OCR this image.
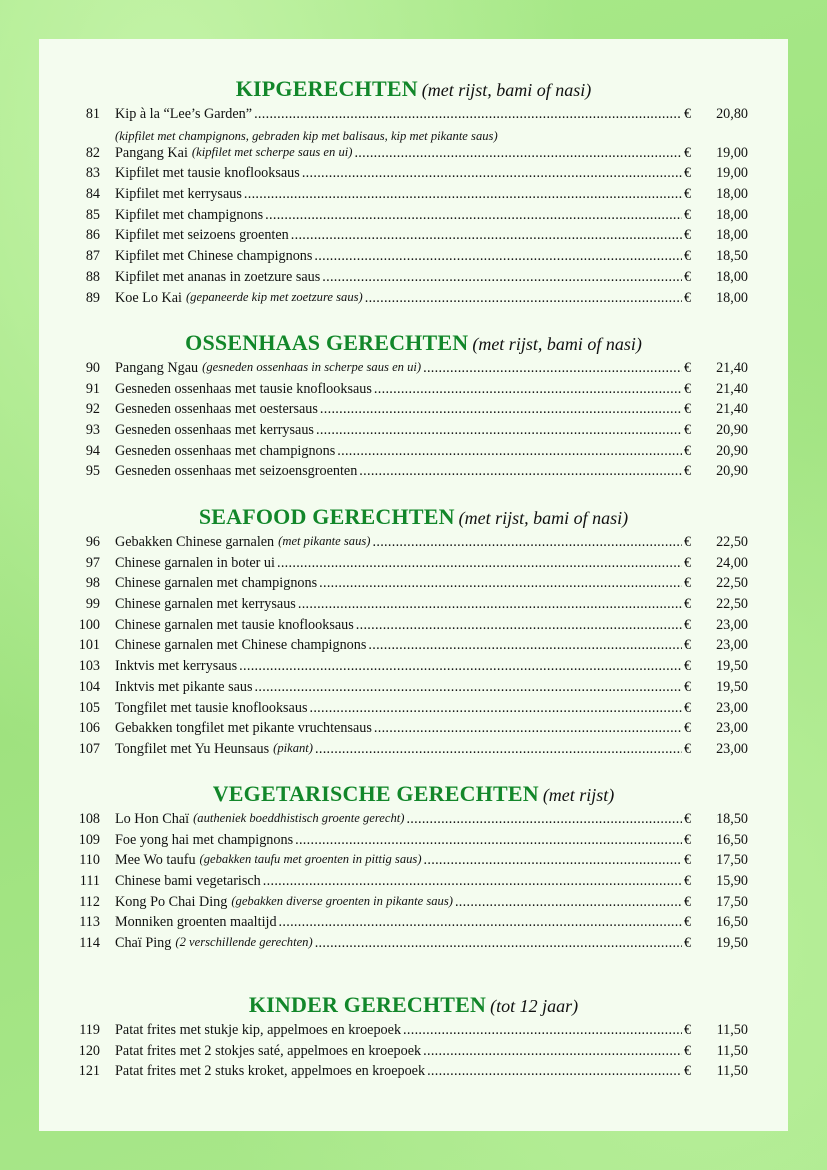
KIPGERECHTEN (met rijst, bami of nasi)
81 Kip à la “Lee’s Garden” .....	€	20,80
(kipfilet met champignons, gebraden kip met balisaus, kip met pikante saus)
82 Pangang Kai (kipfilet met scherpe saus en ui) .....	€	19,00
83 Kipfilet met tausie knoflooksaus .....	€	19,00
84 Kipfilet met kerrysaus .....	€	18,00
85 Kipfilet met champignons .....	€	18,00
86 Kipfilet met seizoens groenten .....	€	18,00
87 Kipfilet met Chinese champignons .....	€	18,50
88 Kipfilet met ananas in zoetzure saus .....	€	18,00
89 Koe Lo Kai (gepaneerde kip met zoetzure saus) .....	€	18,00
OSSENHAAS GERECHTEN (met rijst, bami of nasi)
90 Pangang Ngau (gesneden ossenhaas in scherpe saus en ui) .....	€	21,40
91 Gesneden ossenhaas met tausie knoflooksaus .....	€	21,40
92 Gesneden ossenhaas met oestersaus .....	€	21,40
93 Gesneden ossenhaas met kerrysaus .....	€	20,90
94 Gesneden ossenhaas met champignons .....	€	20,90
95 Gesneden ossenhaas met seizoensgroenten .....	€	20,90
SEAFOOD GERECHTEN (met rijst, bami of nasi)
96 Gebakken Chinese garnalen (met pikante saus) .....	€	22,50
97 Chinese garnalen in boter ui .....	€	24,00
98 Chinese garnalen met champignons .....	€	22,50
99 Chinese garnalen met kerrysaus .....	€	22,50
100 Chinese garnalen met tausie knoflooksaus .....	€	23,00
101 Chinese garnalen met Chinese champignons .....	€	23,00
103 Inktvis met kerrysaus .....	€	19,50
104 Inktvis met pikante saus .....	€	19,50
105 Tongfilet met tausie knoflooksaus .....	€	23,00
106 Gebakken tongfilet met pikante vruchtensaus .....	€	23,00
107 Tongfilet met Yu Heunsaus (pikant) .....	€	23,00
VEGETARISCHE GERECHTEN (met rijst)
108 Lo Hon Chaï (autheniek boeddhistisch groente gerecht) .....	€	18,50
109 Foe yong hai met champignons .....	€	16,50
110 Mee Wo taufu (gebakken taufu met groenten in pittig saus) .....	€	17,50
111 Chinese bami vegetarisch .....	€	15,90
112 Kong Po Chai Ding (gebakken diverse groenten in pikante saus) .....	€	17,50
113 Monniken groenten maaltijd .....	€	16,50
114 Chaï Ping (2 verschillende gerechten) .....	€	19,50
KINDER GERECHTEN (tot 12 jaar)
119 Patat frites met stukje kip, appelmoes en kroepoek .....	€	11,50
120 Patat frites met 2 stokjes saté, appelmoes en kroepoek .....	€	11,50
121 Patat frites met 2 stuks kroket, appelmoes en kroepoek .....	€	11,50
